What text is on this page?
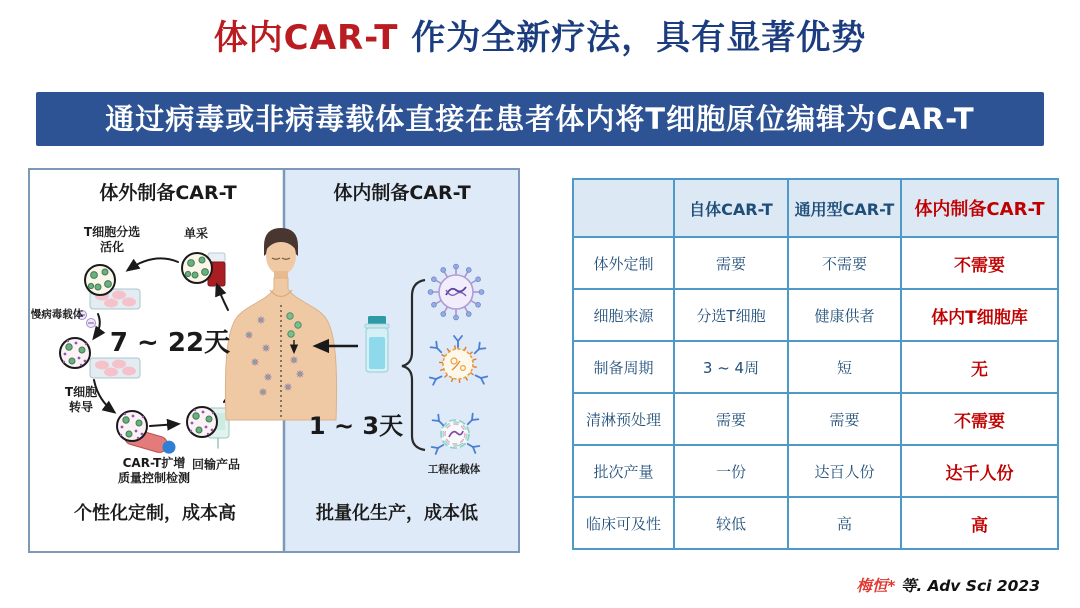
体内CAR-T 作为全新疗法，具有显著优势
通过病毒或非病毒载体直接在患者体内将T细胞原位编辑为CAR-T
体外制备CAR-T	体内制备CAR-T
单采
T细胞分选
活化
慢病毒载体
T细胞
转导
7 ~ 22天
CAR-T扩增
质量控制检测
回输产品
个性化定制，成本高
1 ~ 3天
工程化载体
批量化生产，成本低
	自体CAR-T	通用型CAR-T	体内制备CAR-T
体外定制	需要	不需要	不需要
细胞来源	分选T细胞	健康供者	体内T细胞库
制备周期	3 ~ 4周	短	无
清淋预处理	需要	需要	不需要
批次产量	一份	达百人份	达千人份
临床可及性	较低	高	高
梅恒* 等. Adv Sci 2023
